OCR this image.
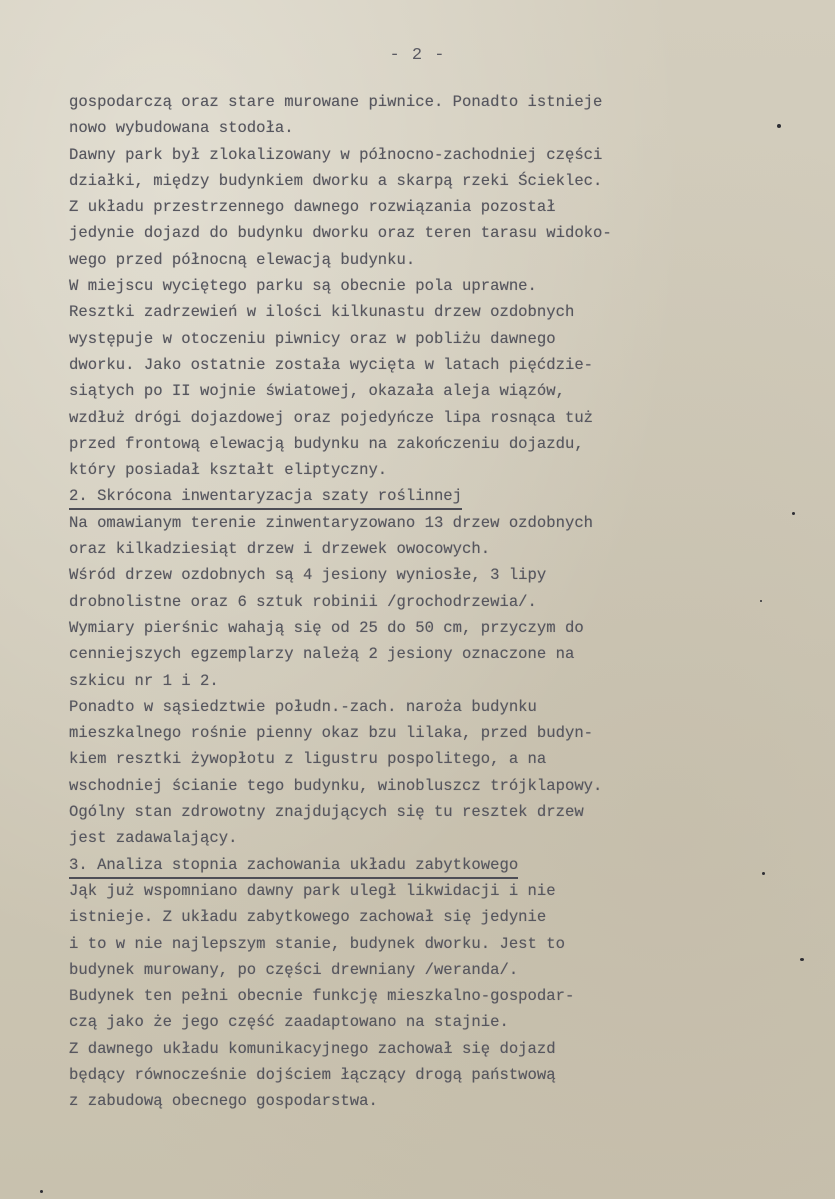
- 2 -
gospodarczą oraz stare murowane piwnice. Ponadto istnieje
nowo wybudowana stodoła.
Dawny park był zlokalizowany w północno-zachodniej części
działki, między budynkiem dworku a skarpą rzeki Ścieklec.
Z układu przestrzennego dawnego rozwiązania pozostał
jedynie dojazd do budynku dworku oraz teren tarasu widoko-
wego przed północną elewacją budynku.
W miejscu wyciętego parku są obecnie pola uprawne.
Resztki zadrzewień w ilości kilkunastu drzew ozdobnych
występuje w otoczeniu piwnicy oraz w pobliżu dawnego
dworku. Jako ostatnie została wycięta w latach pięćdzie-
siątych po II wojnie światowej, okazała aleja wiązów,
wzdłuż drógi dojazdowej oraz pojedyńcze lipa rosnąca tuż
przed frontową elewacją budynku na zakończeniu dojazdu,
który posiadał kształt eliptyczny.
2. Skrócona inwentaryzacja szaty roślinnej
Na omawianym terenie zinwentaryzowano 13 drzew ozdobnych
oraz kilkadziesiąt drzew i drzewek owocowych.
Wśród drzew ozdobnych są 4 jesiony wyniosłe, 3 lipy
drobnolistne oraz 6 sztuk robinii /grochodrzewia/.
Wymiary pierśnic wahają się od 25 do 50 cm, przyczym do
cenniejszych egzemplarzy należą 2 jesiony oznaczone na
szkicu nr 1 i 2.
Ponadto w sąsiedztwie połudn.-zach. naroża budynku
mieszkalnego rośnie pienny okaz bzu lilaka, przed budyn-
kiem resztki żywopłotu z ligustru pospolitego, a na
wschodniej ścianie tego budynku, winobluszcz trójklapowy.
Ogólny stan zdrowotny znajdujących się tu resztek drzew
jest zadawalający.
3. Analiza stopnia zachowania układu zabytkowego
Jąk już wspomniano dawny park uległ likwidacji i nie
istnieje. Z układu zabytkowego zachował się jedynie
i to w nie najlepszym stanie, budynek dworku. Jest to
budynek murowany, po części drewniany /weranda/.
Budynek ten pełni obecnie funkcję mieszkalno-gospodar-
czą jako że jego część zaadaptowano na stajnie.
Z dawnego układu komunikacyjnego zachował się dojazd
będący równocześnie dojściem łączący drogą państwową
z zabudową obecnego gospodarstwa.
